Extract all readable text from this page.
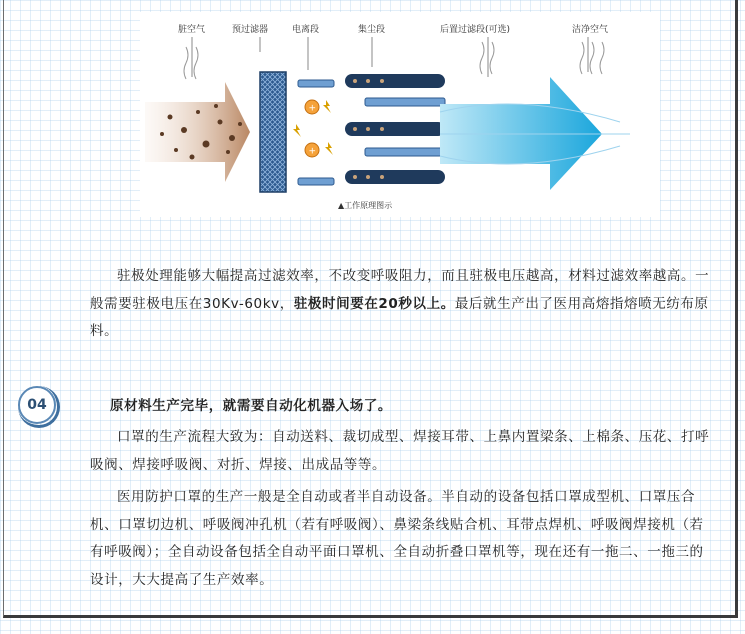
脏空气	预过滤器	电离段	集尘段	后置过滤段(可选)	洁净空气
+
+
▲工作原理图示
驻极处理能够大幅提高过滤效率，不改变呼吸阻力，而且驻极电压越高，材料过滤效率越高。一般需要驻极电压在30Kv-60kv，驻极时间要在20秒以上。最后就生产出了医用高熔指熔喷无纺布原料。
04	原材料生产完毕，就需要自动化机器入场了。
口罩的生产流程大致为：自动送料、裁切成型、焊接耳带、上鼻内置梁条、上棉条、压花、打呼吸阀、焊接呼吸阀、对折、焊接、出成品等等。
医用防护口罩的生产一般是全自动或者半自动设备。半自动的设备包括口罩成型机、口罩压合机、口罩切边机、呼吸阀冲孔机（若有呼吸阀）、鼻梁条线贴合机、耳带点焊机、呼吸阀焊接机（若有呼吸阀）；全自动设备包括全自动平面口罩机、全自动折叠口罩机等，现在还有一拖二、一拖三的设计，大大提高了生产效率。
